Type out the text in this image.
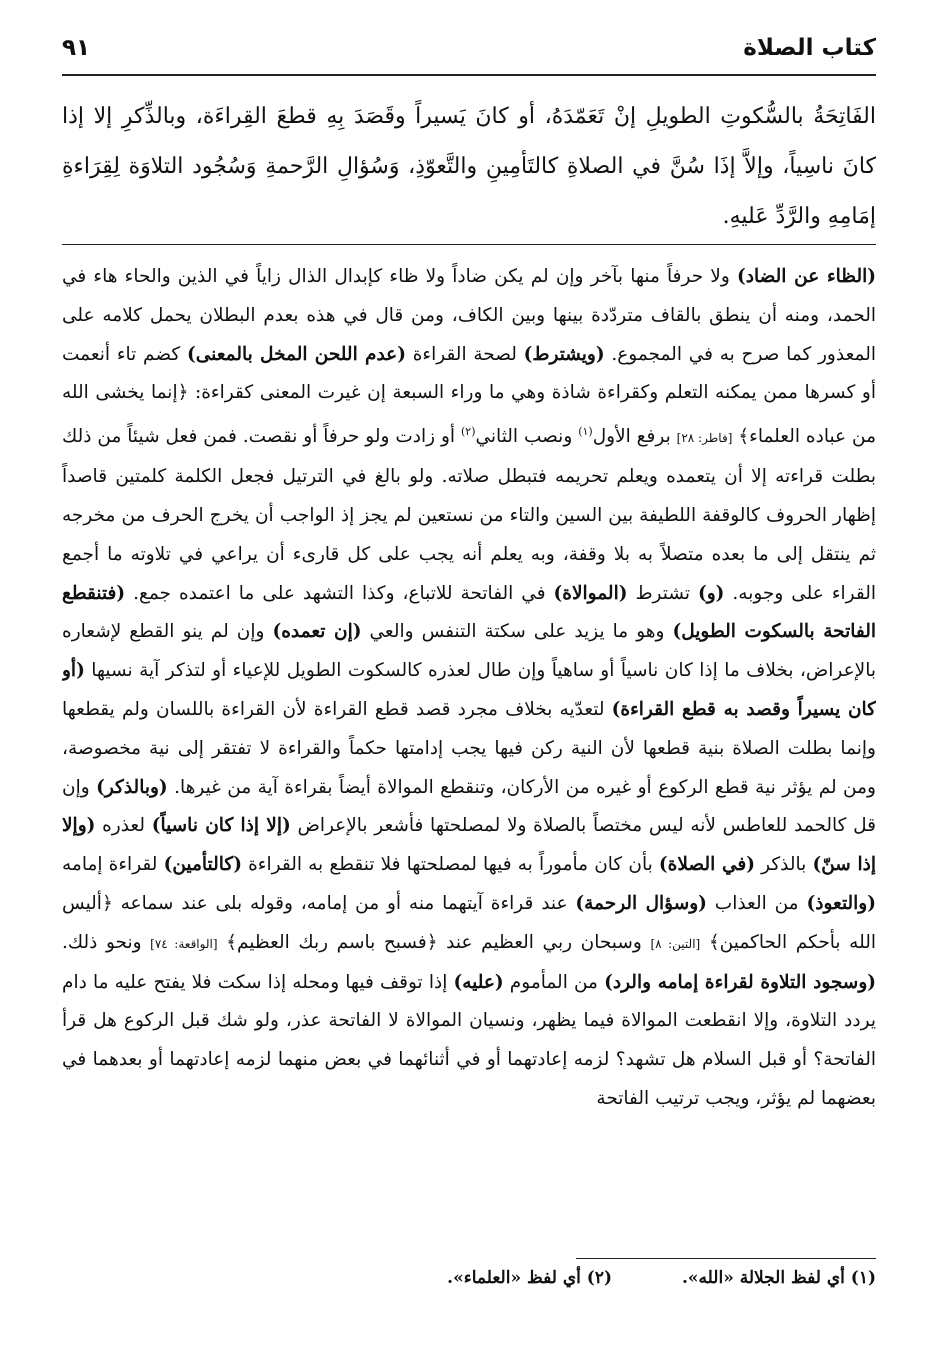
كتاب الصلاة
٩١

الفَاتِحَةُ بالسُّكوتِ الطويلِ إنْ تَعَمّدَهُ، أو كانَ يَسيراً وقَصَدَ بِهِ قطعَ القِراءَة، وبالذِّكرِ إلا إذا كانَ ناسِياً، وإلاَّ إذَا سُنَّ في الصلاةِ كالتَأمِينِ والتَّعوّذِ، وَسُؤالِ الرَّحمةِ وَسُجُود التلاوَة لِقِرَاءةِ إمَامِهِ والرَّدِّ عَليهِ.

(الظاء عن الضاد) ولا حرفاً منها بآخر وإن لم يكن ضاداً ولا ظاء كإبدال الذال زاياً في الذين والحاء هاء في الحمد، ومنه أن ينطق بالقاف متردّدة بينها وبين الكاف، ومن قال في هذه بعدم البطلان يحمل كلامه على المعذور كما صرح به في المجموع. (ويشترط) لصحة القراءة (عدم اللحن المخل بالمعنى) كضم تاء أنعمت أو كسرها ممن يمكنه التعلم وكقراءة شاذة وهي ما وراء السبعة إن غيرت المعنى كقراءة: ﴿إنما يخشى الله من عباده العلماء﴾ [فاطر: ٢٨] برفع الأول$^{(١)}$ ونصب الثاني$^{(٢)}$ أو زادت ولو حرفاً أو نقصت. فمن فعل شيئاً من ذلك بطلت قراءته إلا أن يتعمده ويعلم تحريمه فتبطل صلاته. ولو بالغ في الترتيل فجعل الكلمة كلمتين قاصداً إظهار الحروف كالوقفة اللطيفة بين السين والتاء من نستعين لم يجز إذ الواجب أن يخرج الحرف من مخرجه ثم ينتقل إلى ما بعده متصلاً به بلا وقفة، وبه يعلم أنه يجب على كل قارىء أن يراعي في تلاوته ما أجمع القراء على وجوبه. (و) تشترط (الموالاة) في الفاتحة للاتباع، وكذا التشهد على ما اعتمده جمع. (فتنقطع الفاتحة بالسكوت الطويل) وهو ما يزيد على سكتة التنفس والعي (إن تعمده) وإن لم ينو القطع لإشعاره بالإعراض، بخلاف ما إذا كان ناسياً أو ساهياً وإن طال لعذره كالسكوت الطويل للإعياء أو لتذكر آية نسيها (أو كان يسيراً وقصد به قطع القراءة) لتعدّيه بخلاف مجرد قصد قطع القراءة لأن القراءة باللسان ولم يقطعها وإنما بطلت الصلاة بنية قطعها لأن النية ركن فيها يجب إدامتها حكماً والقراءة لا تفتقر إلى نية مخصوصة، ومن لم يؤثر نية قطع الركوع أو غيره من الأركان، وتنقطع الموالاة أيضاً بقراءة آية من غيرها. (وبالذكر) وإن قل كالحمد للعاطس لأنه ليس مختصاً بالصلاة ولا لمصلحتها فأشعر بالإعراض (إلا إذا كان ناسياً) لعذره (وإلا إذا سنّ) بالذكر (في الصلاة) بأن كان مأموراً به فيها لمصلحتها فلا تنقطع به القراءة (كالتأمين) لقراءة إمامه (والتعوذ) من العذاب (وسؤال الرحمة) عند قراءة آيتهما منه أو من إمامه، وقوله بلى عند سماعه ﴿أليس الله بأحكم الحاكمين﴾ [التين: ٨] وسبحان ربي العظيم عند ﴿فسبح باسم ربك العظيم﴾ [الواقعة: ٧٤] ونحو ذلك. (وسجود التلاوة لقراءة إمامه والرد) من المأموم (عليه) إذا توقف فيها ومحله إذا سكت فلا يفتح عليه ما دام يردد التلاوة، وإلا انقطعت الموالاة فيما يظهر، ونسيان الموالاة لا الفاتحة عذر، ولو شك قبل الركوع هل قرأ الفاتحة؟ أو قبل السلام هل تشهد؟ لزمه إعادتهما أو في أثنائهما في بعض منهما لزمه إعادتهما أو بعدهما في بعضهما لم يؤثر، ويجب ترتيب الفاتحة

(١) أي لفظ الجلالة «الله».
(٢) أي لفظ «العلماء».
